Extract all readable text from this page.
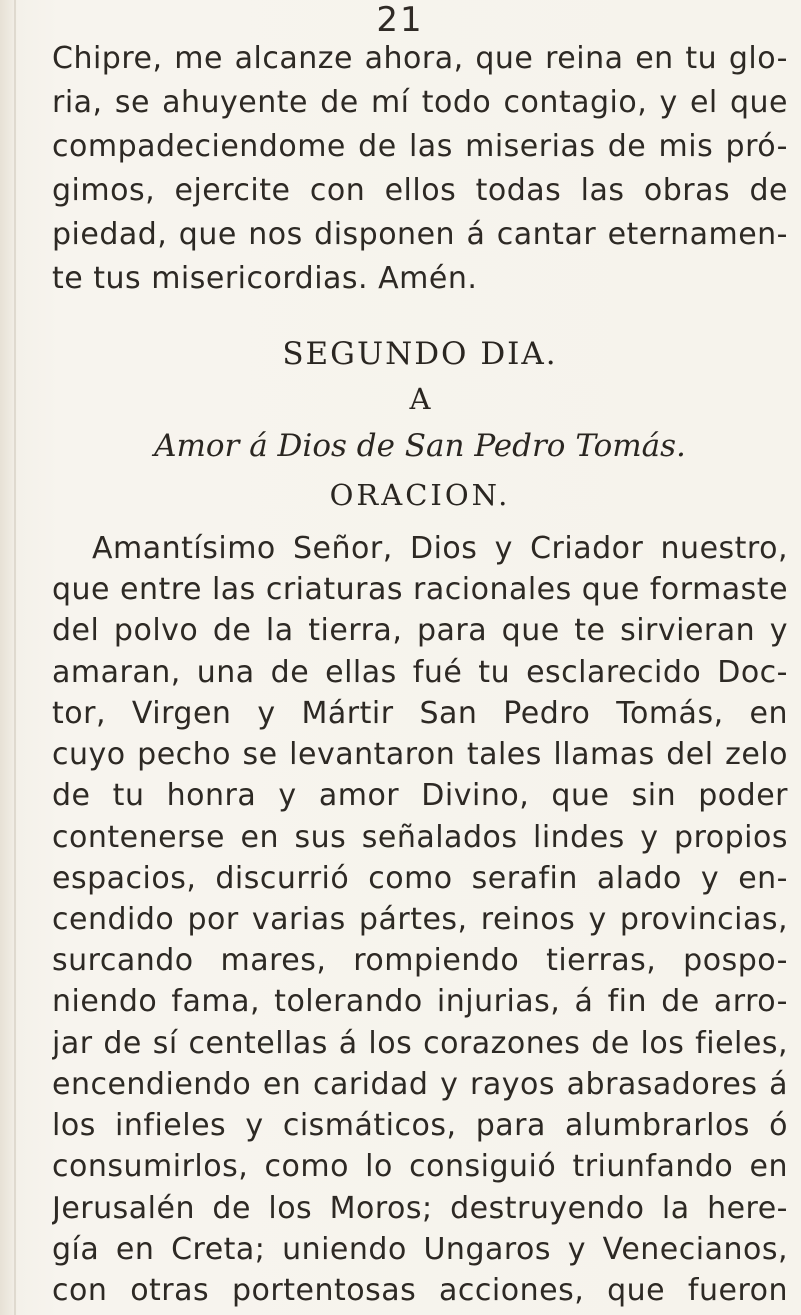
21
Chipre, me alcanze ahora, que reina en tu glo-
ria, se ahuyente de mí todo contagio, y el que
compadeciendome de las miserias de mis pró-
gimos, ejercite con ellos todas las obras de
piedad, que nos disponen á cantar eternamen-
te tus misericordias. Amén.
SEGUNDO DIA.
A
Amor á Dios de San Pedro Tomás.
ORACION.
Amantísimo Señor, Dios y Criador nuestro,
que entre las criaturas racionales que formaste
del polvo de la tierra, para que te sirvieran y
amaran, una de ellas fué tu esclarecido Doc-
tor, Virgen y Mártir San Pedro Tomás, en
cuyo pecho se levantaron tales llamas del zelo
de tu honra y amor Divino, que sin poder
contenerse en sus señalados lindes y propios
espacios, discurrió como serafin alado y en-
cendido por varias pártes, reinos y provincias,
surcando mares, rompiendo tierras, pospo-
niendo fama, tolerando injurias, á fin de arro-
jar de sí centellas á los corazones de los fieles,
encendiendo en caridad y rayos abrasadores á
los infieles y cismáticos, para alumbrarlos ó
consumirlos, como lo consiguió triunfando en
Jerusalén de los Moros; destruyendo la here-
gía en Creta; uniendo Ungaros y Venecianos,
con otras portentosas acciones, que fueron
